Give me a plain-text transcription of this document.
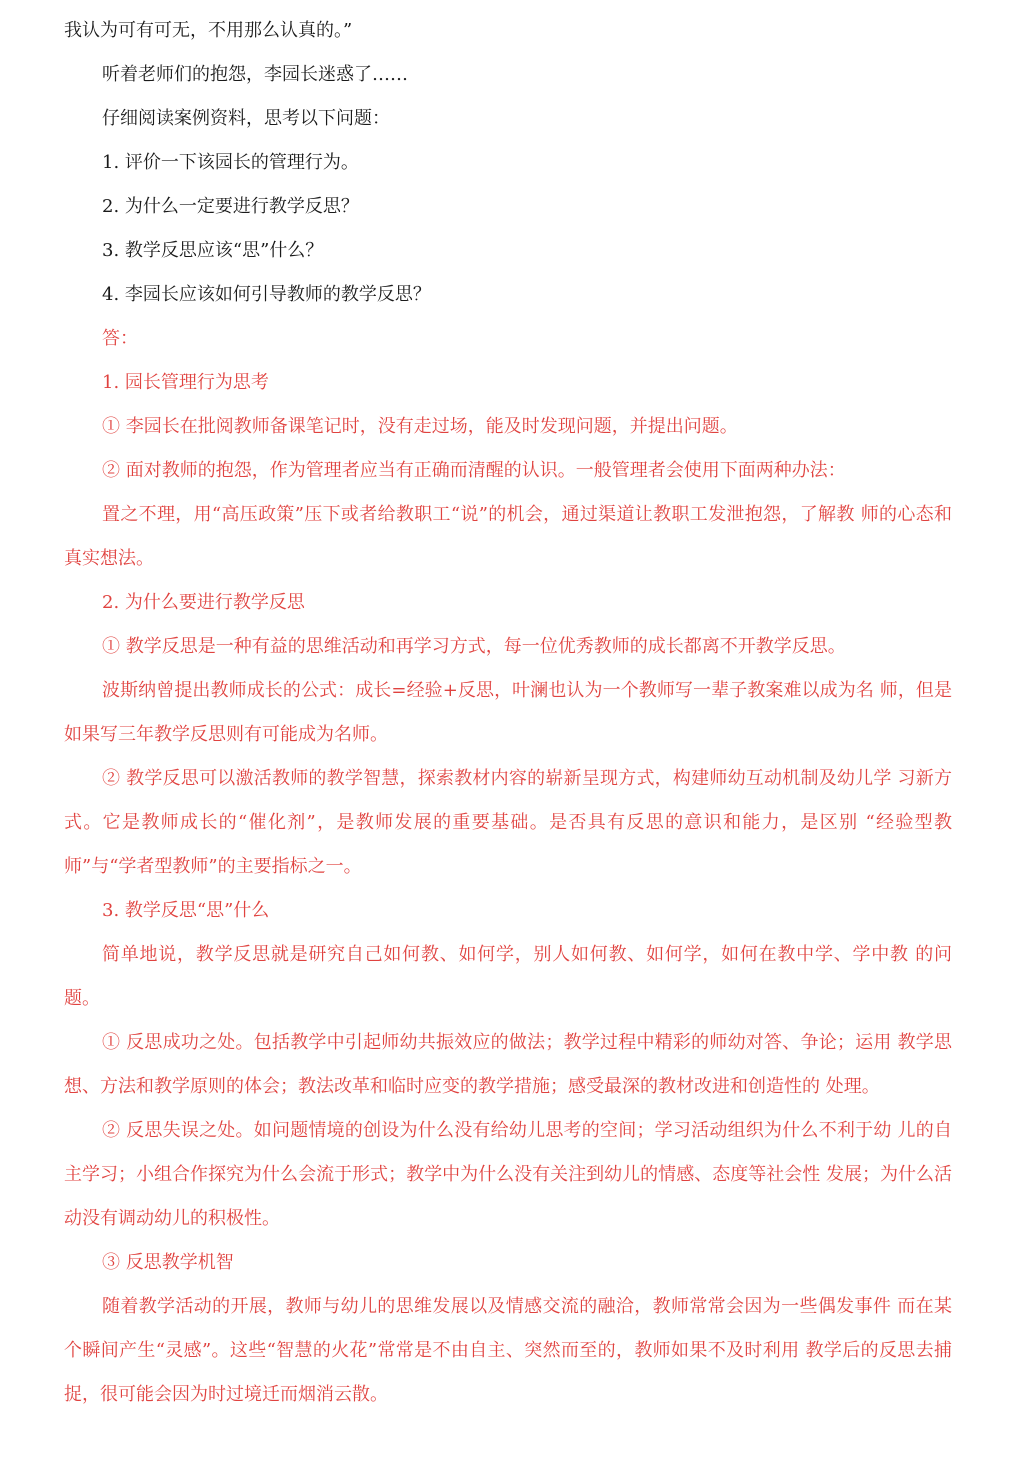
我认为可有可无，不用那么认真的。”

听着老师们的抱怨，李园长迷惑了……

仔细阅读案例资料，思考以下问题：

1. 评价一下该园长的管理行为。

2. 为什么一定要进行教学反思？

3. 教学反思应该“思”什么？

4. 李园长应该如何引导教师的教学反思？

答：

1. 园长管理行为思考

① 李园长在批阅教师备课笔记时，没有走过场，能及时发现问题，并提出问题。

② 面对教师的抱怨，作为管理者应当有正确而清醒的认识。一般管理者会使用下面两种办法：

置之不理，用“高压政策”压下或者给教职工“说”的机会，通过渠道让教职工发泄抱怨，了解教 师的心态和真实想法。

2. 为什么要进行教学反思

① 教学反思是一种有益的思维活动和再学习方式，每一位优秀教师的成长都离不开教学反思。

波斯纳曾提出教师成长的公式：成长=经验+反思，叶澜也认为一个教师写一辈子教案难以成为名 师，但是如果写三年教学反思则有可能成为名师。

② 教学反思可以激活教师的教学智慧，探索教材内容的崭新呈现方式，构建师幼互动机制及幼儿学 习新方式。它是教师成长的“催化剂”，是教师发展的重要基础。是否具有反思的意识和能力，是区别 “经验型教师”与“学者型教师”的主要指标之一。

3. 教学反思“思”什么

简单地说，教学反思就是研究自己如何教、如何学，别人如何教、如何学，如何在教中学、学中教 的问题。

① 反思成功之处。包括教学中引起师幼共振效应的做法；教学过程中精彩的师幼对答、争论；运用 教学思想、方法和教学原则的体会；教法改革和临时应变的教学措施；感受最深的教材改进和创造性的 处理。

② 反思失误之处。如问题情境的创设为什么没有给幼儿思考的空间；学习活动组织为什么不利于幼 儿的自主学习；小组合作探究为什么会流于形式；教学中为什么没有关注到幼儿的情感、态度等社会性 发展；为什么活动没有调动幼儿的积极性。

③ 反思教学机智

随着教学活动的开展，教师与幼儿的思维发展以及情感交流的融洽，教师常常会因为一些偶发事件 而在某个瞬间产生“灵感”。这些“智慧的火花”常常是不由自主、突然而至的，教师如果不及时利用 教学后的反思去捕捉，很可能会因为时过境迁而烟消云散。
